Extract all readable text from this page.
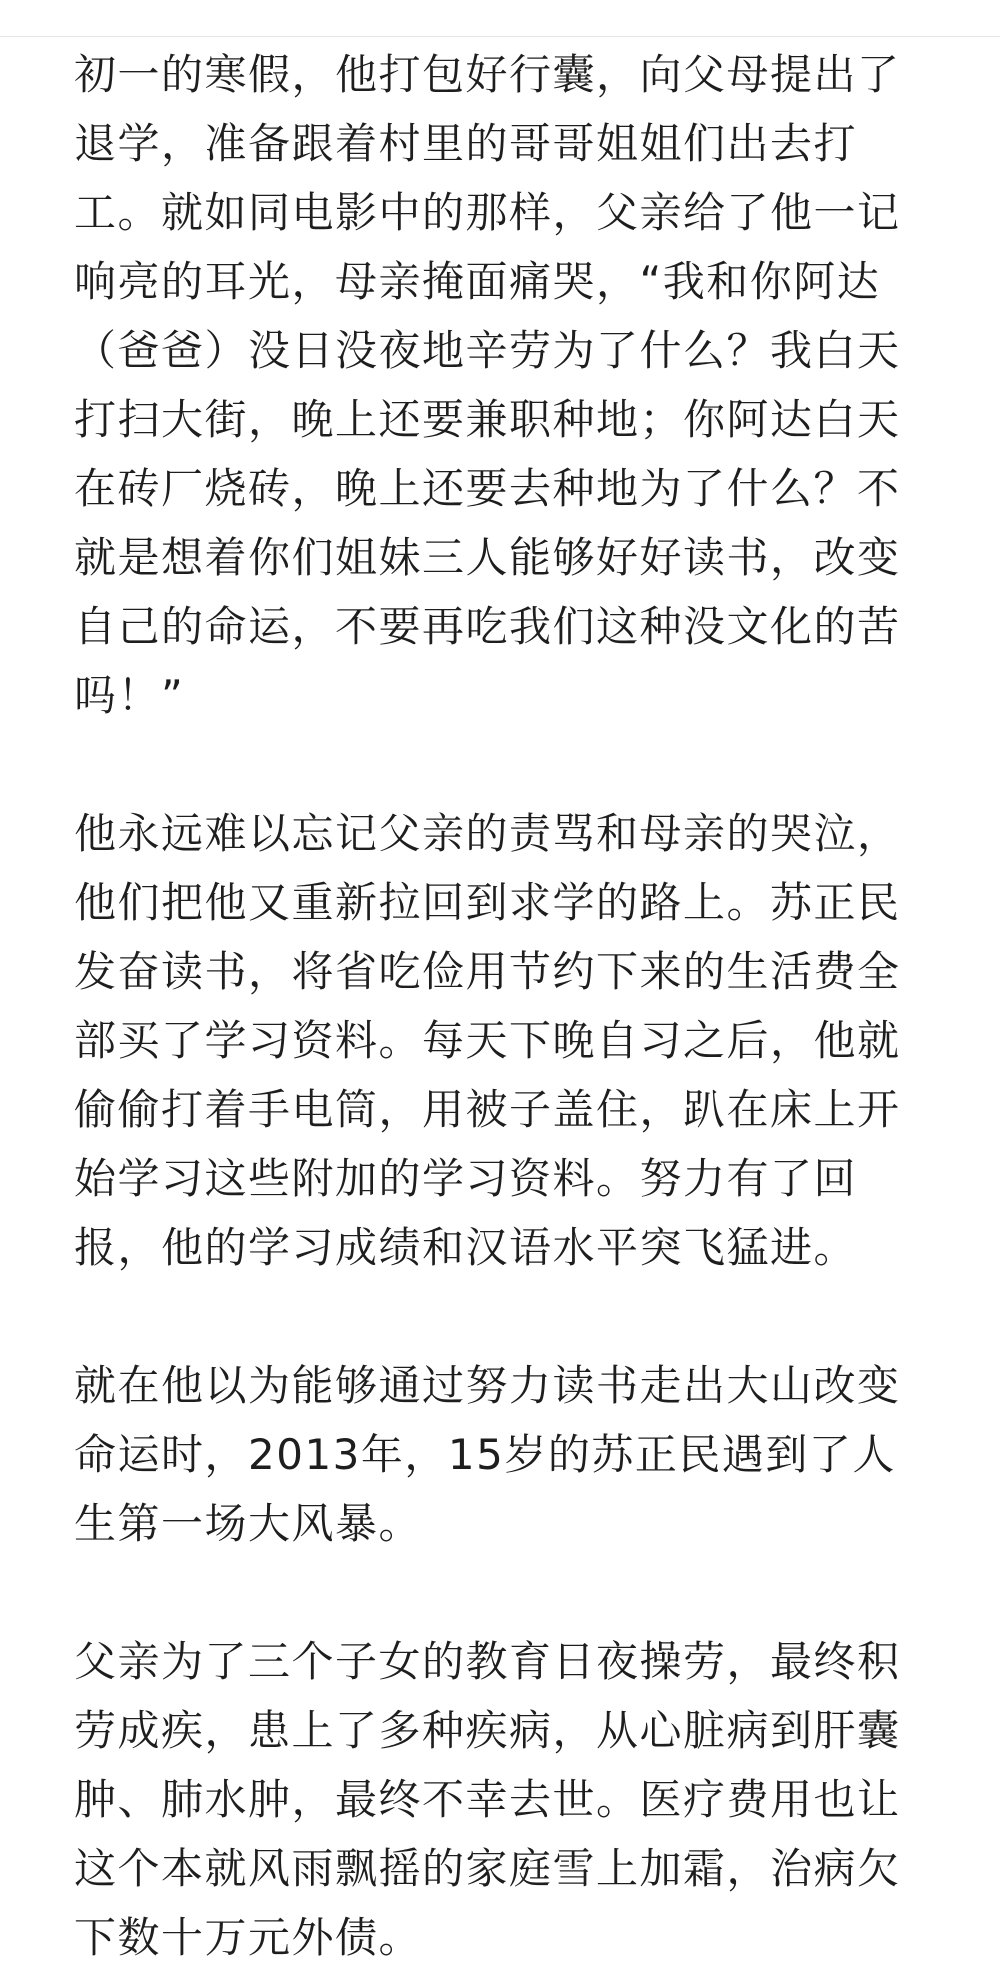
初一的寒假，他打包好行囊，向父母提出了退学，准备跟着村里的哥哥姐姐们出去打工。就如同电影中的那样，父亲给了他一记响亮的耳光，母亲掩面痛哭，“我和你阿达（爸爸）没日没夜地辛劳为了什么？我白天打扫大街，晚上还要兼职种地；你阿达白天在砖厂烧砖，晚上还要去种地为了什么？不就是想着你们姐妹三人能够好好读书，改变自己的命运，不要再吃我们这种没文化的苦吗！”

他永远难以忘记父亲的责骂和母亲的哭泣，他们把他又重新拉回到求学的路上。苏正民发奋读书，将省吃俭用节约下来的生活费全部买了学习资料。每天下晚自习之后，他就偷偷打着手电筒，用被子盖住，趴在床上开始学习这些附加的学习资料。努力有了回报，他的学习成绩和汉语水平突飞猛进。

就在他以为能够通过努力读书走出大山改变命运时，2013年，15岁的苏正民遇到了人生第一场大风暴。

父亲为了三个子女的教育日夜操劳，最终积劳成疾，患上了多种疾病，从心脏病到肝囊肿、肺水肿，最终不幸去世。医疗费用也让这个本就风雨飘摇的家庭雪上加霜，治病欠下数十万元外债。
